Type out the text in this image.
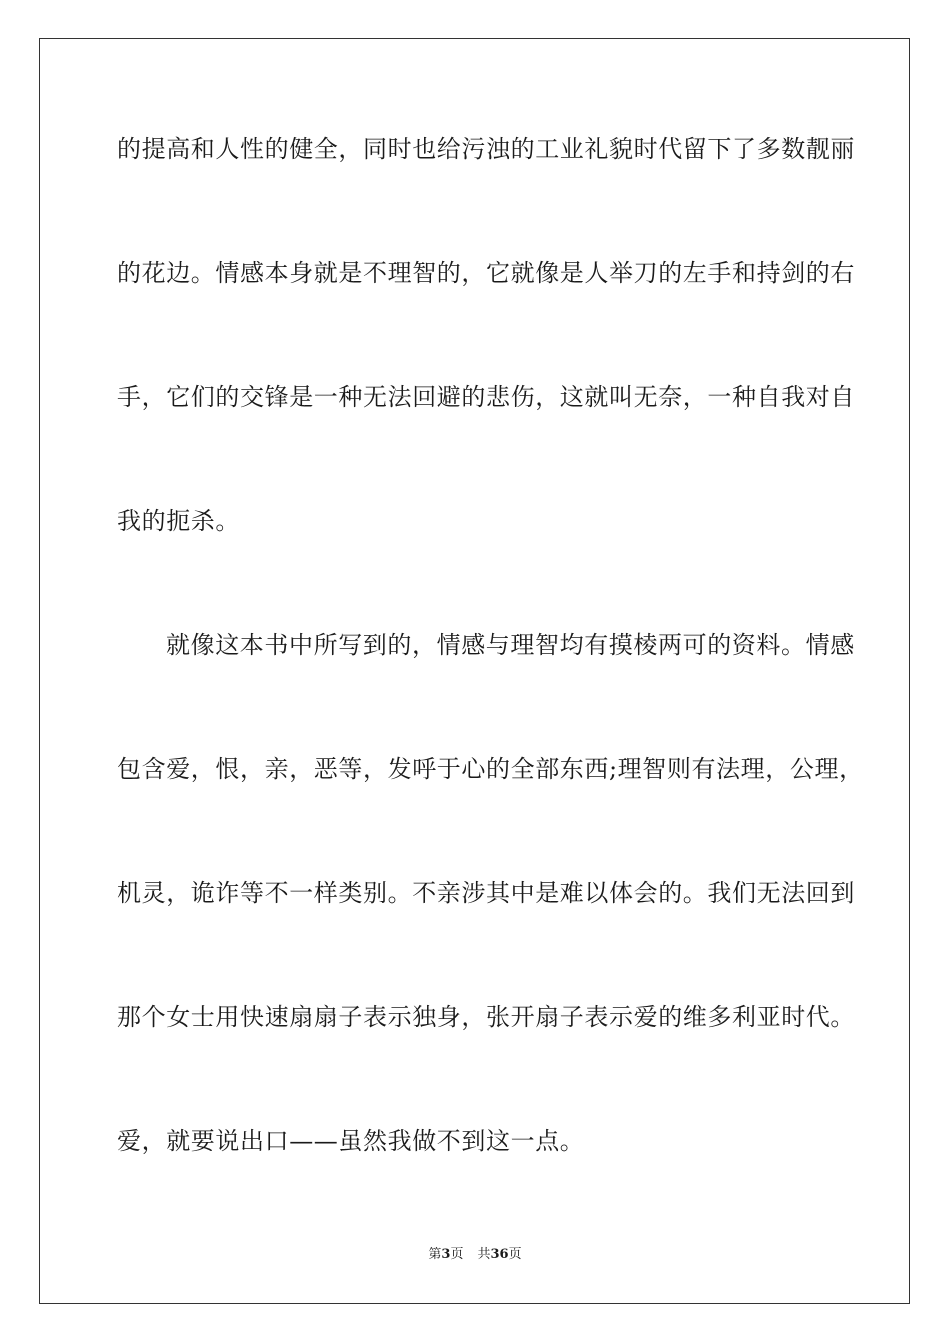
的提高和人性的健全，同时也给污浊的工业礼貌时代留下了多数靓丽
的花边。情感本身就是不理智的，它就像是人举刀的左手和持剑的右
手，它们的交锋是一种无法回避的悲伤，这就叫无奈，一种自我对自
我的扼杀。
就像这本书中所写到的，情感与理智均有摸棱两可的资料。情感
包含爱，恨，亲，恶等，发呼于心的全部东西;理智则有法理，公理，
机灵，诡诈等不一样类别。不亲涉其中是难以体会的。我们无法回到
那个女士用快速扇扇子表示独身，张开扇子表示爱的维多利亚时代。
爱，就要说出口——虽然我做不到这一点。
第3页 共36页
